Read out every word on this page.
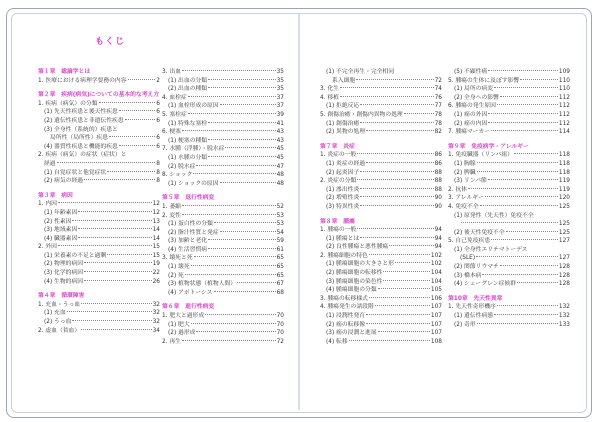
もくじ
第１章　総論学とは
1. 医療における病理学要務の内容	2
第２章　疾病(病気)についての基本的な考え方
1. 疾病（病気）の分類	6
(1) 先天性疾患と後天性疾患	6
(2) 遺伝性疾患と非遺伝性疾患	6
(3) 全身性（系統的）疾患と
局所性（局所性）疾患	6
(4) 器質性疾患と機能的疾患	6
2. 疾病（病気）の症状（症状）と
経過	8
(1) 自覚症状と他覚症状	8
(2) 病気の経過	8
第３章　病因
1. 内因	12
(1) 年齢素因	12
(2) 性素因	13
(3) 地域素因	14
(4) 臓器素因	14
2. 外因	15
(1) 栄養素の不足と過剰	15
(2) 物理的病因	19
(3) 化学的病因	22
(4) 生物的病因	26
第４章　循環障害
1. 充血・うっ血	32
(1) 充血	32
(2) うっ血	32
2. 虚血（貧血）	34
3. 出血	35
(1) 出血の分類	35
(2) 出血の種類	35
4. 血栓症	37
(1) 血栓形成の原因	37
5. 塞栓症	39
(1) 特殊な塞栓	41
6. 梗塞	43
(1) 梗塞の種類	43
7. 水腫（浮腫）・脱水症	45
(1) 水腫の分類	45
(2) 脱水症	47
8. ショック	48
(1) ショックの原因	48
第５章　退行性病変
1. 萎縮	52
2. 変性	53
(1) 蛋白性の分類	53
(2) 脂汁性質と発症	54
(3) 加齢と老化	59
(4) 生活習慣病	61
3. 壊死と死	65
(1) 壊死	65
(2) 死	65
(3) 植物状態（植物人間）	67
(4) アポトーシス	68
第６章　進行性病変
1. 肥大と過形成	70
(1) 肥大	70
(2) 過形成	70
2. 再生	72
(1) 不完全再生・完全相同
系入細胞	72
3. 化生	74
4. 移植	76
(1) 拒絶反応	77
5. 創傷治癒・創傷内異物の処理	78
(1) 創傷治癒	78
(2) 異物の処理	82
第７章　炎症
1. 炎症の一般	86
(1) 炎症の経過	86
(2) 起炎因子	88
2. 炎症の分類	88
(1) 滲出性炎	88
(2) 増殖性炎	90
(3) 特異性炎	90
第８章　腫瘍
1. 腫瘍の一般	94
(1) 腫瘍とは	94
(2) 良性腫瘍と悪性腫瘍	94
2. 腫瘍細胞の特色	102
(1) 腫瘍細胞の大きさと形	102
(2) 腫瘍細胞の転移性	104
(3) 腫瘍細胞の染色性	104
(4) 腫瘍細胞の分類	105
3. 腫瘍の転移様式	106
4. 腫瘍発生の諸段階	107
(1) 浸潤性発育	107
(2) 癌の転移像	107
(3) 癌の浸潤と進展	107
(4) 転移	108
(5) 不顕性癌	109
5. 腫瘍の生体に及ぼす影響	110
(1) 局所の病変	110
(2) 全身への影響	112
6. 腫瘍の発生原因	112
(1) 癌の外因	112
(2) 癌の内因	112
7. 腫瘍マーカー	114
第９章　免疫病学・アレルギー
1. 免疫臓器（リンパ組）	118
(1) 胸腺	118
(2) 脾臓	118
(3) リンパ節	119
2. 抗体	119
3. アレルギー	120
4. 免疫不全	125
(1) 原発性（先天性）免疫不全
125
(2) 後天性免疫不全	125
5. 自己免疫疾患	127
(1) 全身性エリテマトーデス
(SLE)	127
(2) 関節リウマチ	128
(3) 橋本病	128
(4) シェーグレン症候群	128
第10章　先天性異常
1. 先天性奇形機序	132
(1) 遺伝性病態	132
(2) 奇形	133
